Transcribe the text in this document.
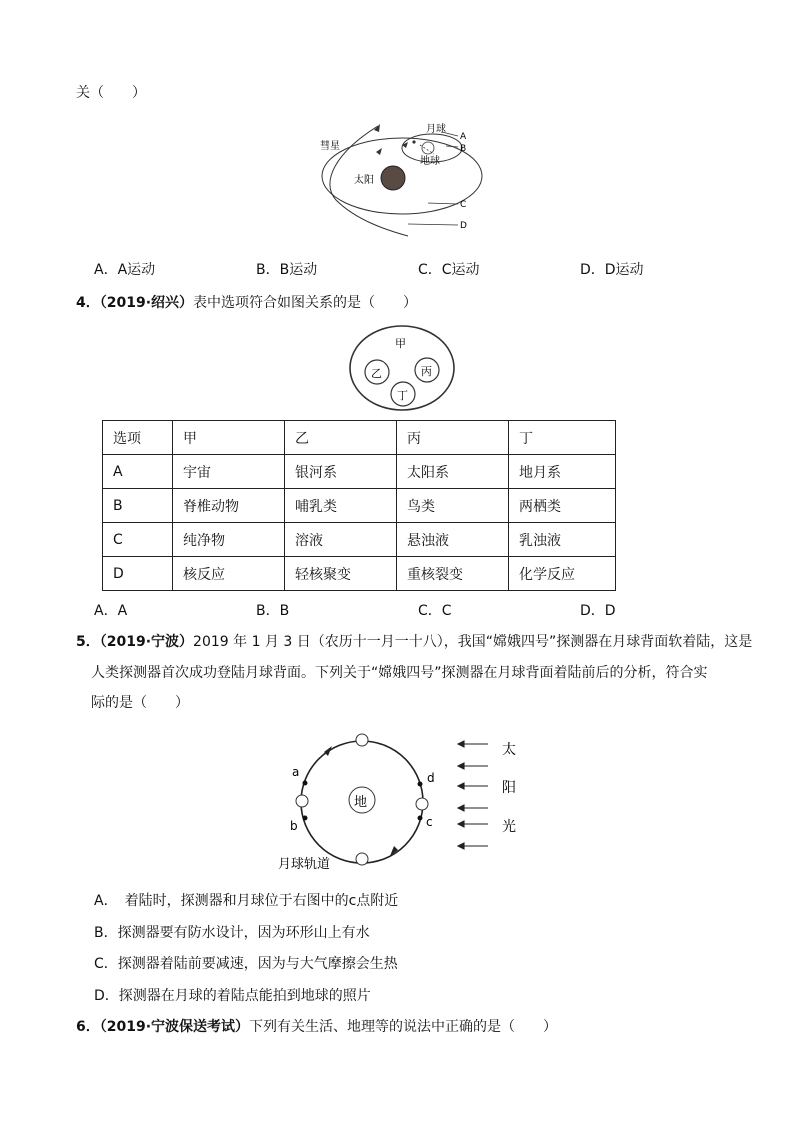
关（　　）
彗星
月球
地球
太阳
A
B
C
D
A．A运动	B．B运动	C．C运动	D．D运动
4．（2019·绍兴）表中选项符合如图关系的是（　　）
甲
乙	丙
丁
选项	甲	乙	丙	丁
A	宇宙	银河系	太阳系	地月系
B	脊椎动物	哺乳类	鸟类	两栖类
C	纯净物	溶液	悬浊液	乳浊液
D	核反应	轻核聚变	重核裂变	化学反应
A．A	B．B	C．C	D．D
5．（2019·宁波）2019 年 1 月 3 日（农历十一月一十八），我国“嫦娥四号”探测器在月球背面软着陆，这是
人类探测器首次成功登陆月球背面。下列关于“嫦娥四号”探测器在月球背面着陆前后的分析，符合实
际的是（　　）
地
a
b	c
d
月球轨道
太
阳
光
A．　着陆时，探测器和月球位于右图中的c点附近
B．探测器要有防水设计，因为环形山上有水
C．探测器着陆前要减速，因为与大气摩擦会生热
D．探测器在月球的着陆点能拍到地球的照片
6．（2019·宁波保送考试）下列有关生活、地理等的说法中正确的是（　　）
